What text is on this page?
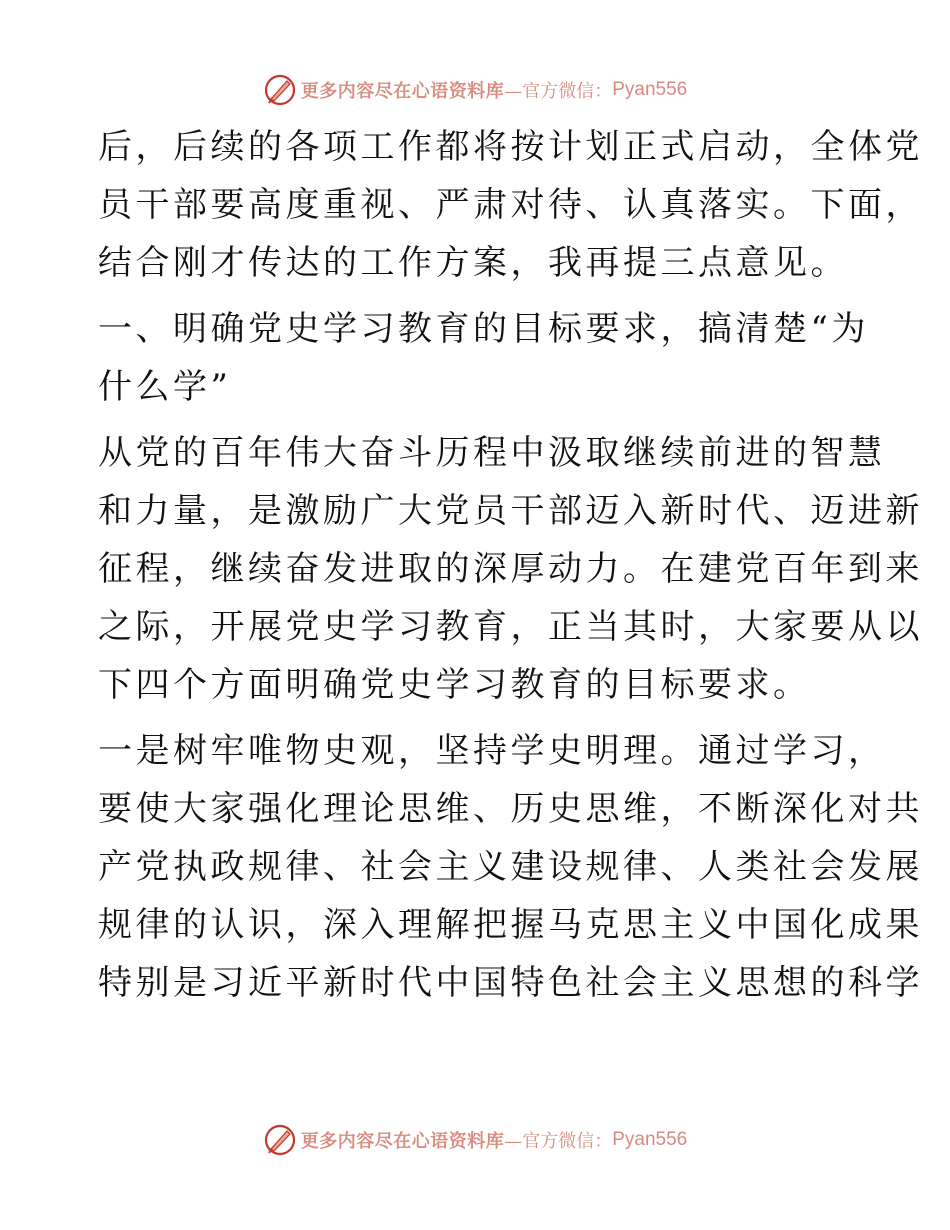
更多内容尽在心语资料库 —官方微信： Pyan556

后，后续的各项工作都将按计划正式启动，全体党
员干部要高度重视、严肃对待、认真落实。下面，
结合刚才传达的工作方案，我再提三点意见。

一、明确党史学习教育的目标要求，搞清楚“为
什么学”

从党的百年伟大奋斗历程中汲取继续前进的智慧
和力量，是激励广大党员干部迈入新时代、迈进新
征程，继续奋发进取的深厚动力。在建党百年到来
之际，开展党史学习教育，正当其时，大家要从以
下四个方面明确党史学习教育的目标要求。

一是树牢唯物史观，坚持学史明理。通过学习，
要使大家强化理论思维、历史思维，不断深化对共
产党执政规律、社会主义建设规律、人类社会发展
规律的认识，深入理解把握马克思主义中国化成果
特别是习近平新时代中国特色社会主义思想的科学

更多内容尽在心语资料库 —官方微信： Pyan556
